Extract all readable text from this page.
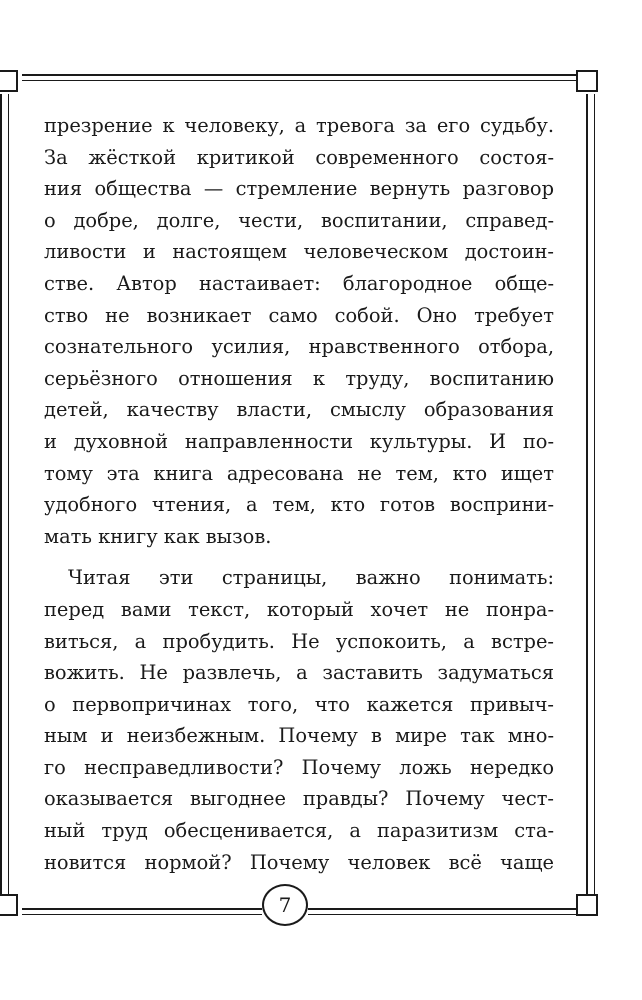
презрение к человеку, а тревога за его судьбу.
За жёсткой критикой современного состоя-
ния общества — стремление вернуть разговор
о добре, долге, чести, воспитании, справед-
ливости и настоящем человеческом достоин-
стве. Автор настаивает: благородное обще-
ство не возникает само собой. Оно требует
сознательного усилия, нравственного отбора,
серьёзного отношения к труду, воспитанию
детей, качеству власти, смыслу образования
и духовной направленности культуры. И по-
тому эта книга адресована не тем, кто ищет
удобного чтения, а тем, кто готов восприни-
мать книгу как вызов.
Читая эти страницы, важно понимать:
перед вами текст, который хочет не понра-
виться, а пробудить. Не успокоить, а встре-
вожить. Не развлечь, а заставить задуматься
о первопричинах того, что кажется привыч-
ным и неизбежным. Почему в мире так мно-
го несправедливости? Почему ложь нередко
оказывается выгоднее правды? Почему чест-
ный труд обесценивается, а паразитизм ста-
новится нормой? Почему человек всё чаще
7
